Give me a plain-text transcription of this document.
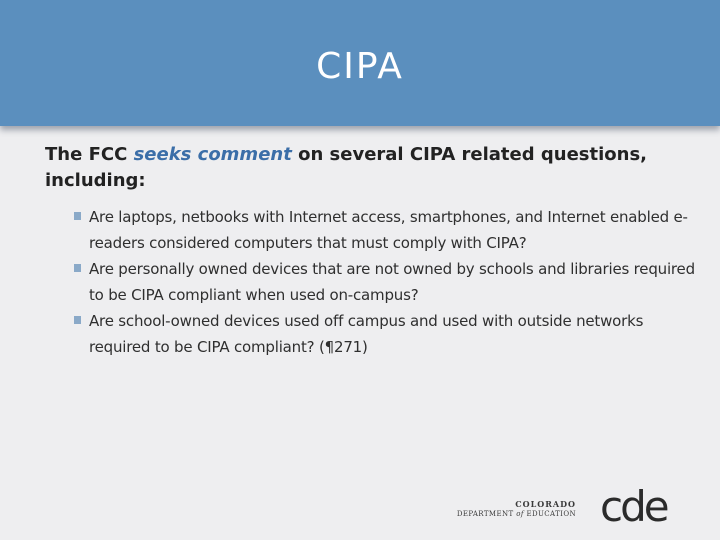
CIPA

The FCC seeks comment on several CIPA related questions, including:

Are laptops, netbooks with Internet access, smartphones, and Internet enabled e-readers considered computers that must comply with CIPA?
Are personally owned devices that are not owned by schools and libraries required to be CIPA compliant when used on-campus?
Are school-owned devices used off campus and used with outside networks required to be CIPA compliant? (¶271)
COLORADO
DEPARTMENT of EDUCATION cde
